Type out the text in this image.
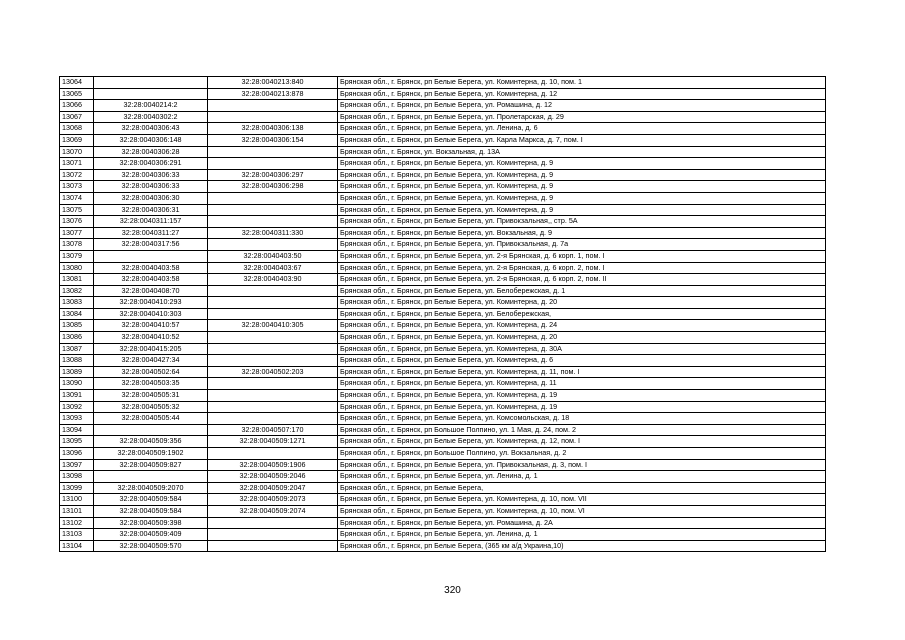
13064		32:28:0040213:840	Брянская обл., г. Брянск, рп Белые Берега, ул. Коминтерна, д. 10, пом. 1
13065		32:28:0040213:878	Брянская обл., г. Брянск, рп Белые Берега, ул. Коминтерна, д. 12
13066	32:28:0040214:2		Брянская обл., г. Брянск, рп Белые Берега, ул. Ромашина, д. 12
13067	32:28:0040302:2		Брянская обл., г. Брянск, рп Белые Берега, ул. Пролетарская, д. 29
13068	32:28:0040306:43	32:28:0040306:138	Брянская обл., г. Брянск, рп Белые Берега, ул. Ленина, д. 6
13069	32:28:0040306:148	32:28:0040306:154	Брянская обл., г. Брянск, рп Белые Берега, ул. Карла Маркса, д. 7, пом. I
13070	32:28:0040306:28		Брянская обл., г. Брянск, ул. Вокзальная, д. 13А
13071	32:28:0040306:291		Брянская обл., г. Брянск, рп Белые Берега, ул. Коминтерна, д. 9
13072	32:28:0040306:33	32:28:0040306:297	Брянская обл., г. Брянск, рп Белые Берега, ул. Коминтерна, д. 9
13073	32:28:0040306:33	32:28:0040306:298	Брянская обл., г. Брянск, рп Белые Берега, ул. Коминтерна, д. 9
13074	32:28:0040306:30		Брянская обл., г. Брянск, рп Белые Берега, ул. Коминтерна, д. 9
13075	32:28:0040306:31		Брянская обл., г. Брянск, рп Белые Берега, ул. Коминтерна, д. 9
13076	32:28:0040311:157		Брянская обл., г. Брянск, рп Белые Берега, ул. Привокзальная,, стр. 5А
13077	32:28:0040311:27	32:28:0040311:330	Брянская обл., г. Брянск, рп Белые Берега, ул. Вокзальная, д. 9
13078	32:28:0040317:56		Брянская обл., г. Брянск, рп Белые Берега, ул. Привокзальная, д. 7а
13079		32:28:0040403:50	Брянская обл., г. Брянск, рп Белые Берега, ул. 2-я Брянская, д. 6 корп. 1, пом. I
13080	32:28:0040403:58	32:28:0040403:67	Брянская обл., г. Брянск, рп Белые Берега, ул. 2-я Брянская, д. 6 корп. 2, пом. I
13081	32:28:0040403:58	32:28:0040403:90	Брянская обл., г. Брянск, рп Белые Берега, ул. 2-я Брянская, д. 6 корп. 2, пом. II
13082	32:28:0040408:70		Брянская обл., г. Брянск, рп Белые Берега, ул. Белобережская, д. 1
13083	32:28:0040410:293		Брянская обл., г. Брянск, рп Белые Берега, ул. Коминтерна, д. 20
13084	32:28:0040410:303		Брянская обл., г. Брянск, рп Белые Берега, ул. Белобережская,
13085	32:28:0040410:57	32:28:0040410:305	Брянская обл., г. Брянск, рп Белые Берега, ул. Коминтерна, д. 24
13086	32:28:0040410:52		Брянская обл., г. Брянск, рп Белые Берега, ул. Коминтерна, д. 20
13087	32:28:0040415:205		Брянская обл., г. Брянск, рп Белые Берега, ул. Коминтерна, д. 30А
13088	32:28:0040427:34		Брянская обл., г. Брянск, рп Белые Берега, ул. Коминтерна, д. 6
13089	32:28:0040502:64	32:28:0040502:203	Брянская обл., г. Брянск, рп Белые Берега, ул. Коминтерна, д. 11, пом. I
13090	32:28:0040503:35		Брянская обл., г. Брянск, рп Белые Берега, ул. Коминтерна, д. 11
13091	32:28:0040505:31		Брянская обл., г. Брянск, рп Белые Берега, ул. Коминтерна, д. 19
13092	32:28:0040505:32		Брянская обл., г. Брянск, рп Белые Берега, ул. Коминтерна, д. 19
13093	32:28:0040505:44		Брянская обл., г. Брянск, рп Белые Берега, ул. Комсомольская, д. 18
13094		32:28:0040507:170	Брянская обл., г. Брянск, рп Большое Полпино, ул. 1 Мая, д. 24, пом. 2
13095	32:28:0040509:356	32:28:0040509:1271	Брянская обл., г. Брянск, рп Белые Берега, ул. Коминтерна, д. 12, пом. I
13096	32:28:0040509:1902		Брянская обл., г. Брянск, рп Большое Полпино, ул. Вокзальная, д. 2
13097	32:28:0040509:827	32:28:0040509:1906	Брянская обл., г. Брянск, рп Белые Берега, ул. Привокзальная, д. 3, пом. I
13098		32:28:0040509:2046	Брянская обл., г. Брянск, рп Белые Берега, ул. Ленина, д. 1
13099	32:28:0040509:2070	32:28:0040509:2047	Брянская обл., г. Брянск, рп Белые Берега,
13100	32:28:0040509:584	32:28:0040509:2073	Брянская обл., г. Брянск, рп Белые Берега, ул. Коминтерна, д. 10, пом. VII
13101	32:28:0040509:584	32:28:0040509:2074	Брянская обл., г. Брянск, рп Белые Берега, ул. Коминтерна, д. 10, пом. VI
13102	32:28:0040509:398		Брянская обл., г. Брянск, рп Белые Берега, ул. Ромашина, д. 2А
13103	32:28:0040509:409		Брянская обл., г. Брянск, рп Белые Берега, ул. Ленина, д. 1
13104	32:28:0040509:570		Брянская обл., г. Брянск, рп Белые Берега, (365 км а/д Украина,10)
320
